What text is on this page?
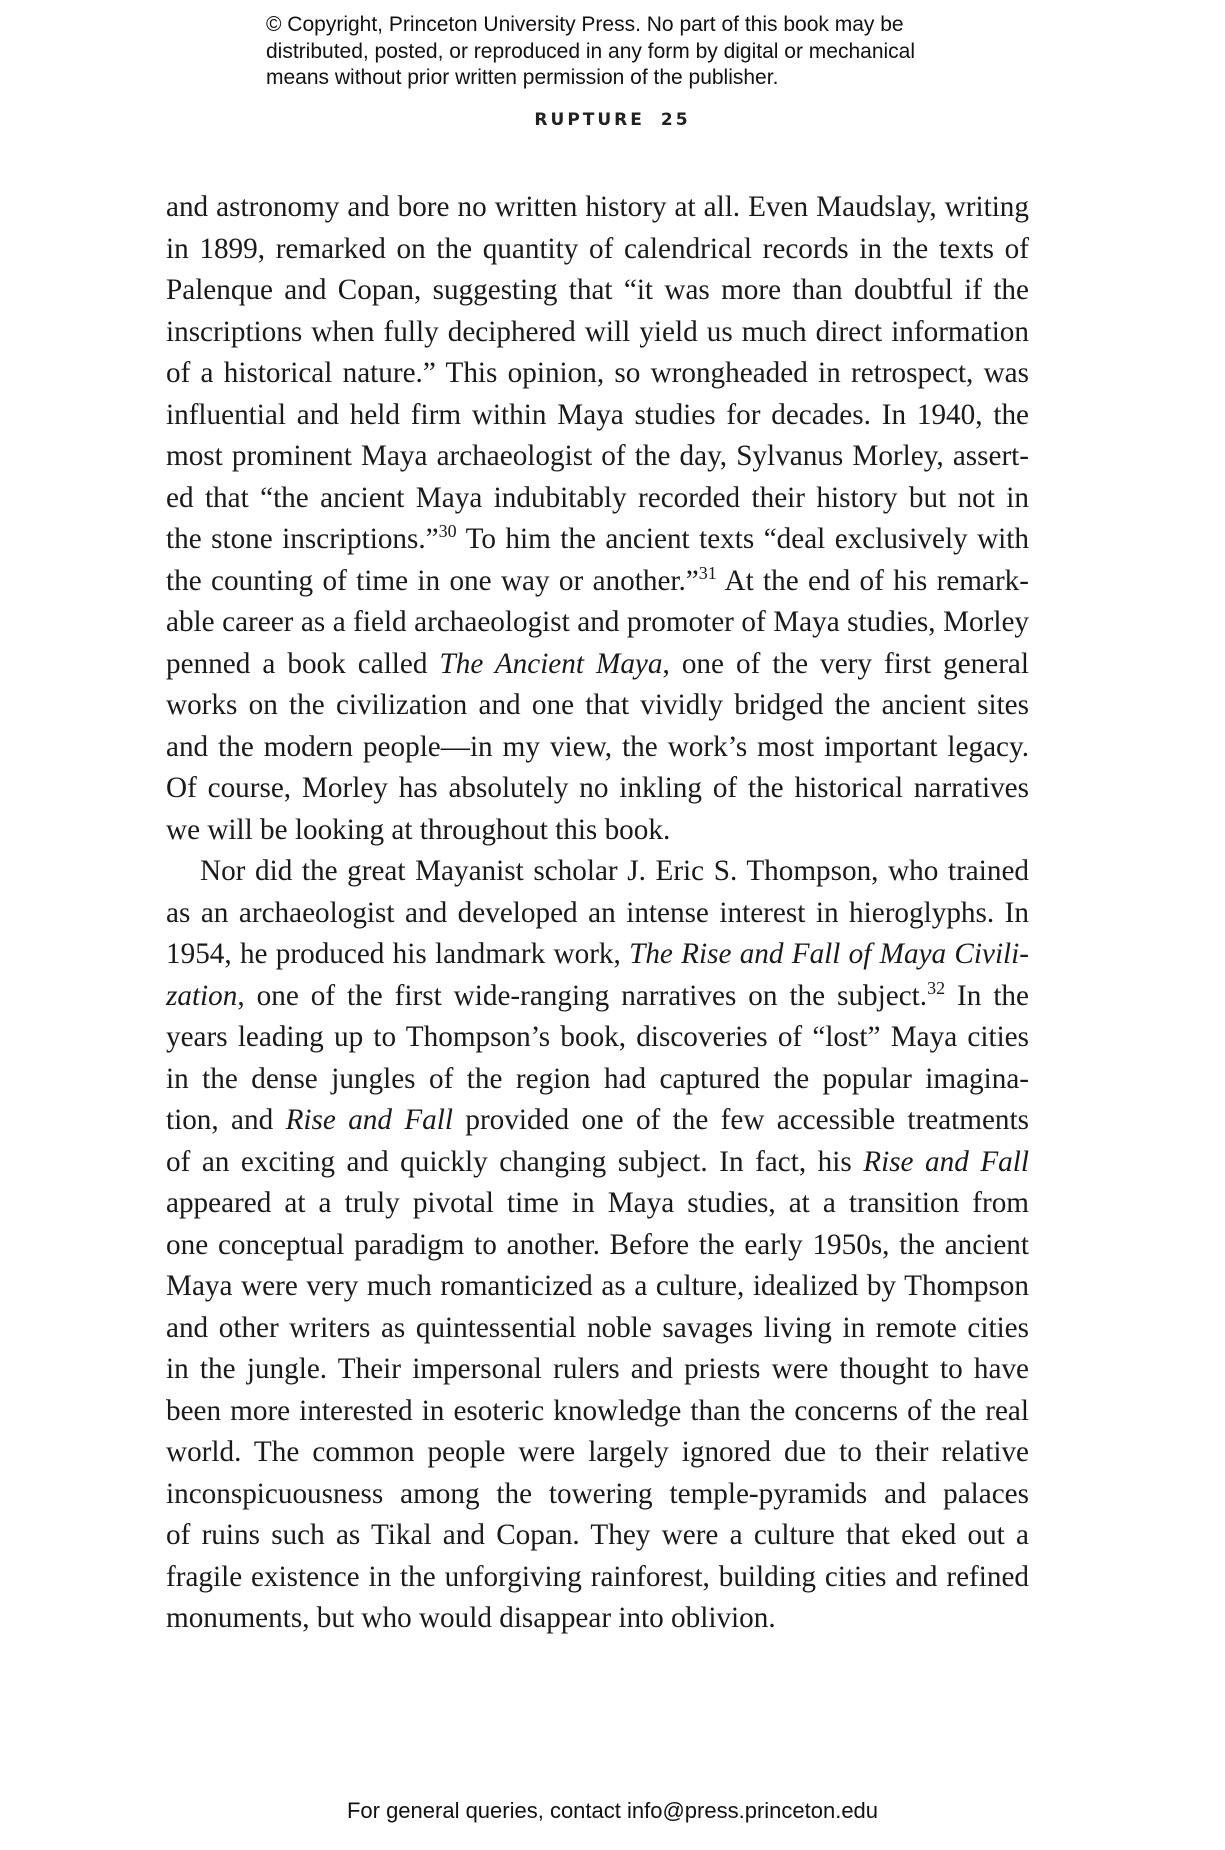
© Copyright, Princeton University Press. No part of this book may be
distributed, posted, or reproduced in any form by digital or mechanical
means without prior written permission of the publisher.
RUPTURE 25
and astronomy and bore no written history at all. Even Maudslay, writing
in 1899, remarked on the quantity of calendrical records in the texts of
Palenque and Copan, suggesting that “it was more than doubtful if the
inscriptions when fully deciphered will yield us much direct information
of a historical nature.” This opinion, so wrongheaded in retrospect, was
influential and held firm within Maya studies for decades. In 1940, the
most prominent Maya archaeologist of the day, Sylvanus Morley, assert-
ed that “the ancient Maya indubitably recorded their history but not in
the stone inscriptions.”$^{30}$ To him the ancient texts “deal exclusively with
the counting of time in one way or another.”$^{31}$ At the end of his remark-
able career as a field archaeologist and promoter of Maya studies, Morley
penned a book called The Ancient Maya, one of the very first general
works on the civilization and one that vividly bridged the ancient sites
and the modern people—in my view, the work’s most important legacy.
Of course, Morley has absolutely no inkling of the historical narratives
we will be looking at throughout this book.
Nor did the great Mayanist scholar J. Eric S. Thompson, who trained
as an archaeologist and developed an intense interest in hieroglyphs. In
1954, he produced his landmark work, The Rise and Fall of Maya Civili-
zation, one of the first wide-ranging narratives on the subject.$^{32}$ In the
years leading up to Thompson’s book, discoveries of “lost” Maya cities
in the dense jungles of the region had captured the popular imagina-
tion, and Rise and Fall provided one of the few accessible treatments
of an exciting and quickly changing subject. In fact, his Rise and Fall
appeared at a truly pivotal time in Maya studies, at a transition from
one conceptual paradigm to another. Before the early 1950s, the ancient
Maya were very much romanticized as a culture, idealized by Thompson
and other writers as quintessential noble savages living in remote cities
in the jungle. Their impersonal rulers and priests were thought to have
been more interested in esoteric knowledge than the concerns of the real
world. The common people were largely ignored due to their relative
inconspicuousness among the towering temple-pyramids and palaces
of ruins such as Tikal and Copan. They were a culture that eked out a
fragile existence in the unforgiving rainforest, building cities and refined
monuments, but who would disappear into oblivion.
For general queries, contact info@press.princeton.edu
